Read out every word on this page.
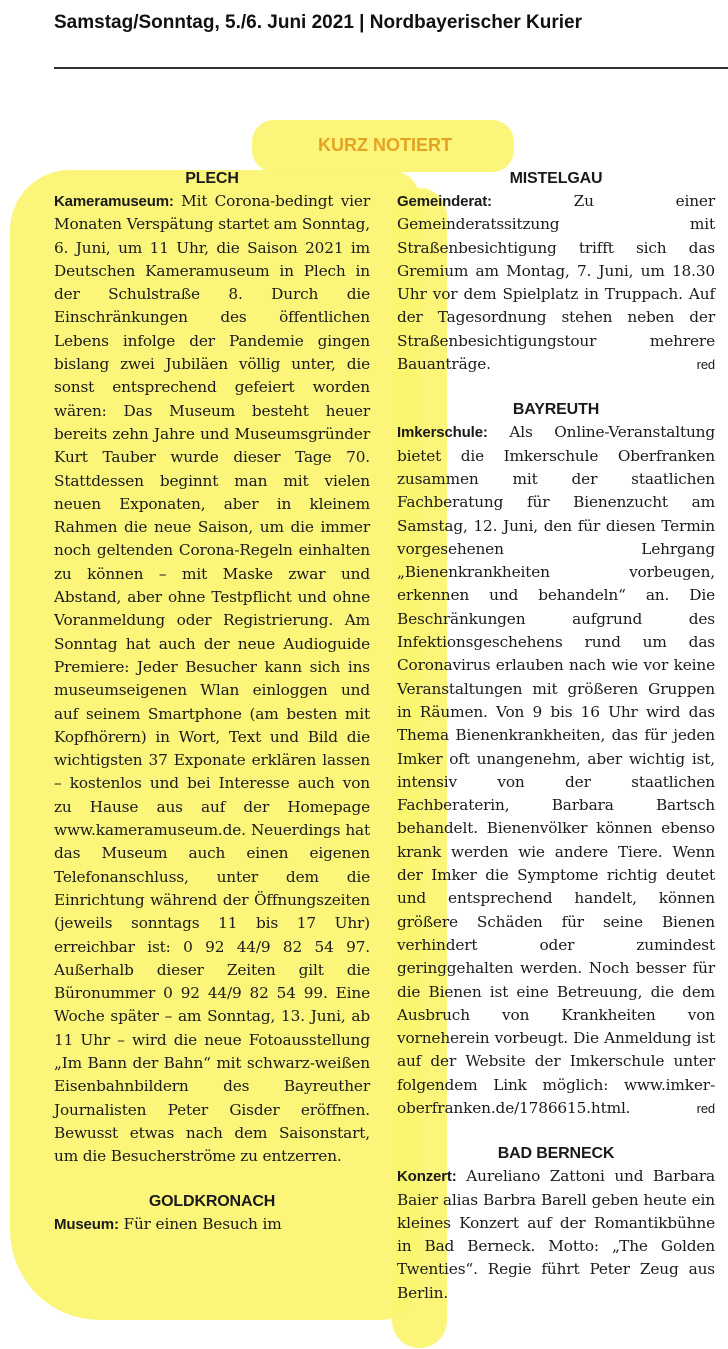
Samstag/Sonntag, 5./6. Juni 2021 | Nordbayerischer Kurier
KURZ NOTIERT
PLECH

Kameramuseum: Mit Corona-bedingt vier Monaten Verspätung startet am Sonntag, 6. Juni, um 11 Uhr, die Saison 2021 im Deutschen Kameramuseum in Plech in der Schulstraße 8. Durch die Einschränkungen des öffentlichen Lebens infolge der Pandemie gingen bislang zwei Jubiläen völlig unter, die sonst entsprechend gefeiert worden wären: Das Museum besteht heuer bereits zehn Jahre und Museumsgründer Kurt Tauber wurde dieser Tage 70. Stattdessen beginnt man mit vielen neuen Exponaten, aber in kleinem Rahmen die neue Saison, um die immer noch geltenden Corona-Regeln einhalten zu können – mit Maske zwar und Abstand, aber ohne Testpflicht und ohne Voranmeldung oder Registrierung. Am Sonntag hat auch der neue Audioguide Premiere: Jeder Besucher kann sich ins museumseigenen Wlan einloggen und auf seinem Smartphone (am besten mit Kopfhörern) in Wort, Text und Bild die wichtigsten 37 Exponate erklären lassen – kostenlos und bei Interesse auch von zu Hause aus auf der Homepage www.kameramuseum.de. Neuerdings hat das Museum auch einen eigenen Telefonanschluss, unter dem die Einrichtung während der Öffnungszeiten (jeweils sonntags 11 bis 17 Uhr) erreichbar ist: 0 92 44/9 82 54 97. Außerhalb dieser Zeiten gilt die Büronummer 0 92 44/9 82 54 99. Eine Woche später – am Sonntag, 13. Juni, ab 11 Uhr – wird die neue Fotoausstellung „Im Bann der Bahn“ mit schwarz-weißen Eisenbahnbildern des Bayreuther Journalisten Peter Gisder eröffnen. Bewusst etwas nach dem Saisonstart, um die Besucherströme zu entzerren.

GOLDKRONACH

Museum: Für einen Besuch im

MISTELGAU

Gemeinderat:	Zu einer Gemeinderatssitzung mit Straßenbesichtigung trifft sich das Gremium am Montag, 7. Juni, um 18.30 Uhr vor dem Spielplatz in Truppach. Auf der Tagesordnung stehen neben der Straßenbesichtigungstour mehrere Bauanträge.	red

BAYREUTH

Imkerschule: Als Online-Veranstaltung bietet die Imkerschule Oberfranken zusammen mit der staatlichen Fachberatung für Bienenzucht am Samstag, 12. Juni, den für diesen Termin vorgesehenen Lehrgang „Bienenkrankheiten vorbeugen, erkennen und behandeln“ an. Die Beschränkungen aufgrund des Infektionsgeschehens rund um das Coronavirus erlauben nach wie vor keine Veranstaltungen mit größeren Gruppen in Räumen. Von 9 bis 16 Uhr wird das Thema Bienenkrankheiten, das für jeden Imker oft unangenehm, aber wichtig ist, intensiv von der staatlichen Fachberaterin, Barbara Bartsch behandelt. Bienenvölker können ebenso krank werden wie andere Tiere. Wenn der Imker die Symptome richtig deutet und entsprechend handelt, können größere Schäden für seine Bienen verhindert oder zumindest geringgehalten werden. Noch besser für die Bienen ist eine Betreuung, die dem Ausbruch von Krankheiten von vorneherein vorbeugt. Die Anmeldung ist auf der Website der Imkerschule unter folgendem Link möglich: www.imker-oberfranken.de/1786615.html.	red

BAD BERNECK

Konzert: Aureliano Zattoni und Barbara Baier alias Barbra Barell geben heute ein kleines Konzert auf der Romantikbühne in Bad Berneck. Motto: „The Golden Twenties“. Regie führt Peter Zeug aus Berlin.
